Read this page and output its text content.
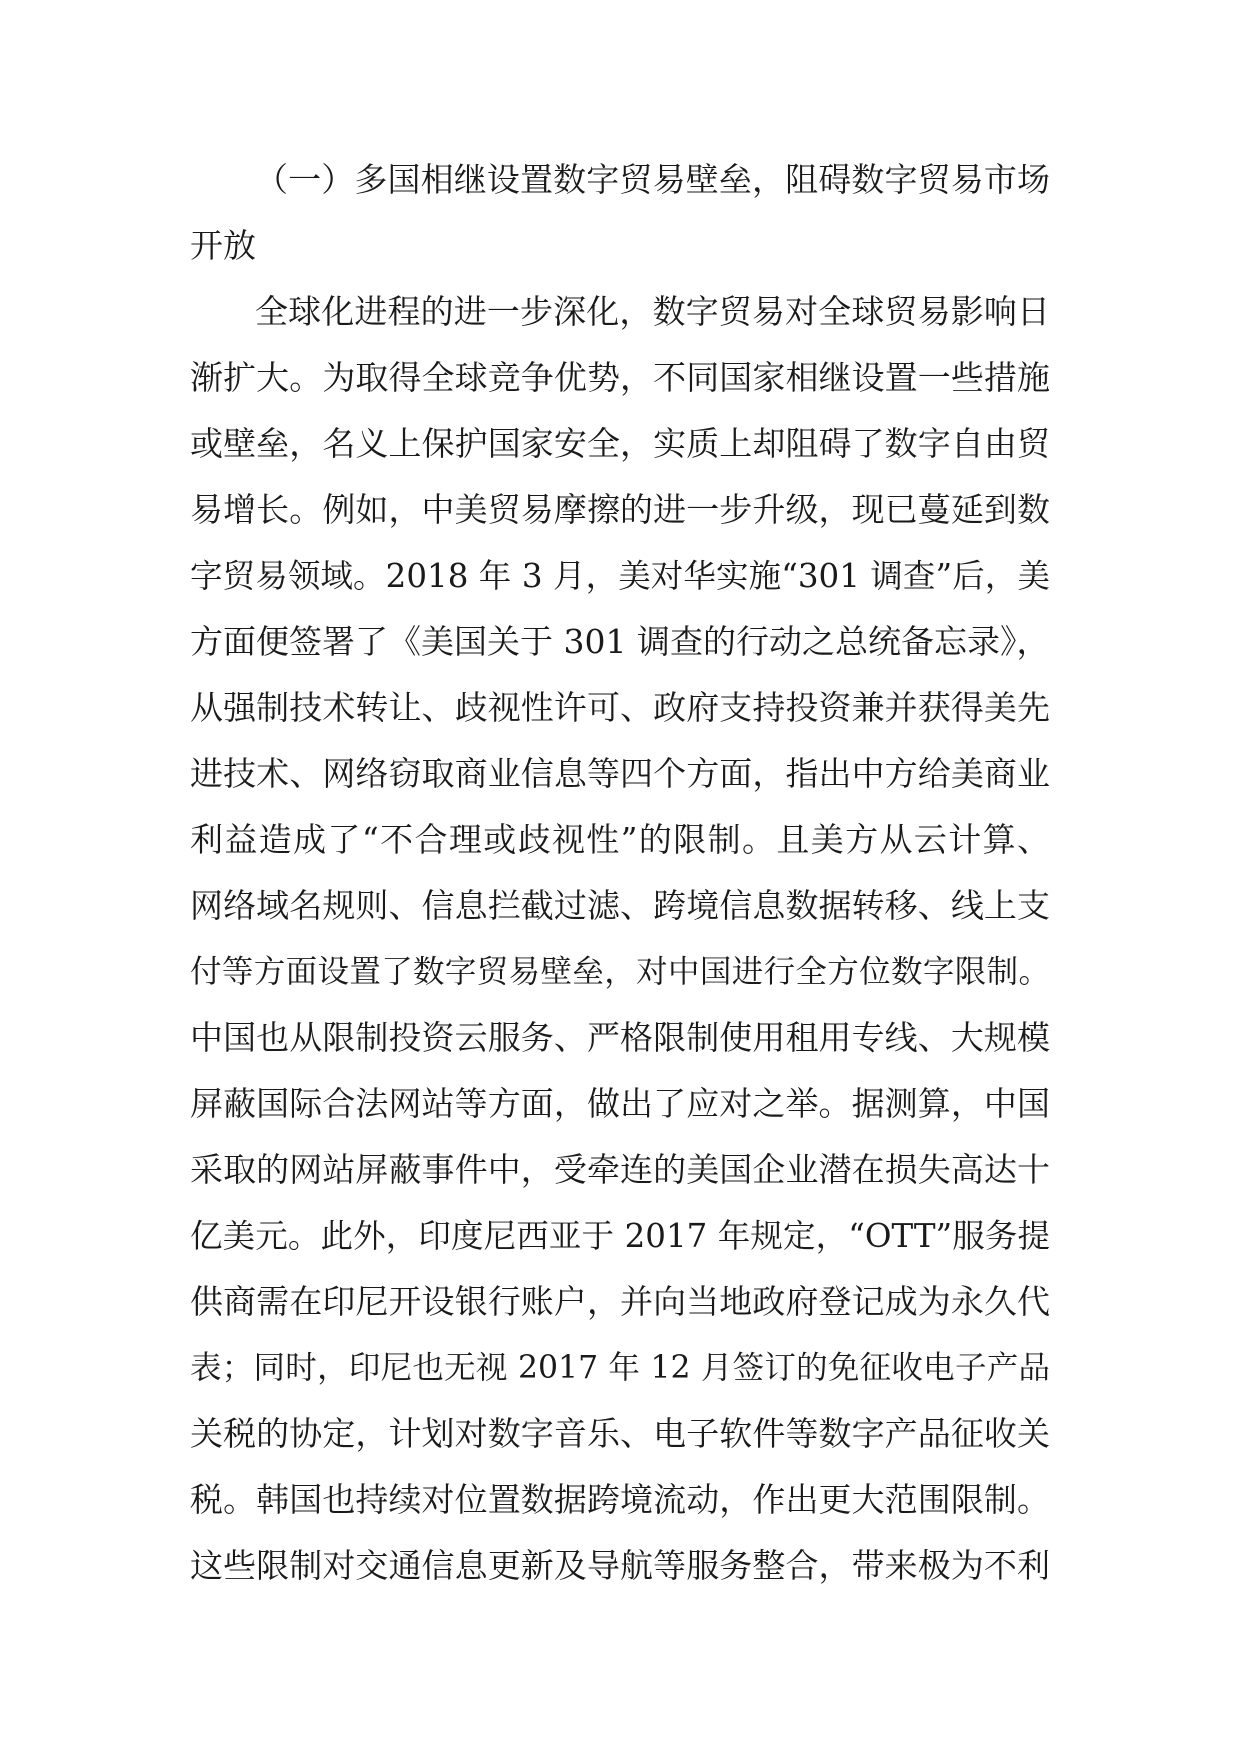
（一）多国相继设置数字贸易壁垒，阻碍数字贸易市场
开放
全球化进程的进一步深化，数字贸易对全球贸易影响日
渐扩大。为取得全球竞争优势，不同国家相继设置一些措施
或壁垒，名义上保护国家安全，实质上却阻碍了数字自由贸
易增长。例如，中美贸易摩擦的进一步升级，现已蔓延到数
字贸易领域。2018 年 3 月，美对华实施“301 调查”后，美
方面便签署了《美国关于 301 调查的行动之总统备忘录》，
从强制技术转让、歧视性许可、政府支持投资兼并获得美先
进技术、网络窃取商业信息等四个方面，指出中方给美商业
利益造成了“不合理或歧视性”的限制。且美方从云计算、
网络域名规则、信息拦截过滤、跨境信息数据转移、线上支
付等方面设置了数字贸易壁垒，对中国进行全方位数字限制。
中国也从限制投资云服务、严格限制使用租用专线、大规模
屏蔽国际合法网站等方面，做出了应对之举。据测算，中国
采取的网站屏蔽事件中，受牵连的美国企业潜在损失高达十
亿美元。此外，印度尼西亚于 2017 年规定，“OTT”服务提
供商需在印尼开设银行账户，并向当地政府登记成为永久代
表；同时，印尼也无视 2017 年 12 月签订的免征收电子产品
关税的协定，计划对数字音乐、电子软件等数字产品征收关
税。韩国也持续对位置数据跨境流动，作出更大范围限制。
这些限制对交通信息更新及导航等服务整合，带来极为不利
